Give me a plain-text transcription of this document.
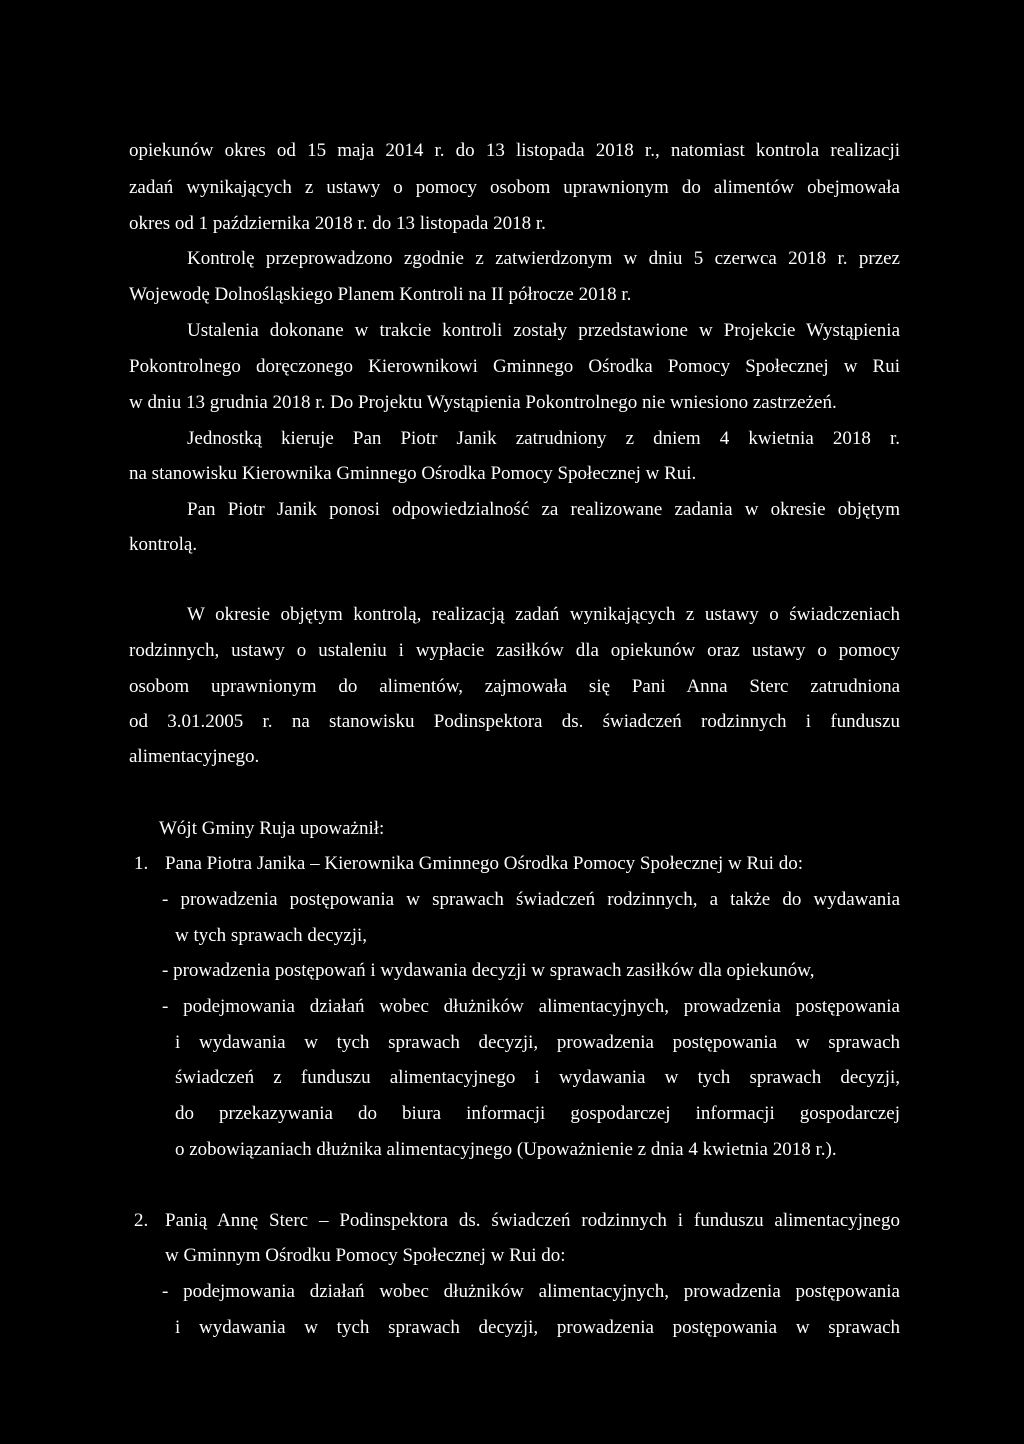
opiekunów okres od 15 maja 2014 r. do 13 listopada 2018 r., natomiast kontrola realizacji
zadań wynikających z ustawy o pomocy osobom uprawnionym do alimentów obejmowała
okres od 1 października 2018 r. do 13 listopada 2018 r.
Kontrolę przeprowadzono zgodnie z zatwierdzonym w dniu 5 czerwca 2018 r. przez
Wojewodę Dolnośląskiego Planem Kontroli na II półrocze 2018 r.
Ustalenia dokonane w trakcie kontroli zostały przedstawione w Projekcie Wystąpienia
Pokontrolnego doręczonego Kierownikowi Gminnego Ośrodka Pomocy Społecznej w Rui
w dniu 13 grudnia 2018 r. Do Projektu Wystąpienia Pokontrolnego nie wniesiono zastrzeżeń.
Jednostką kieruje Pan Piotr Janik zatrudniony z dniem 4 kwietnia 2018 r.
na stanowisku Kierownika Gminnego Ośrodka Pomocy Społecznej w Rui.
Pan Piotr Janik ponosi odpowiedzialność za realizowane zadania w okresie objętym
kontrolą.
W okresie objętym kontrolą, realizacją zadań wynikających z ustawy o świadczeniach
rodzinnych, ustawy o ustaleniu i wypłacie zasiłków dla opiekunów oraz ustawy o pomocy
osobom uprawnionym do alimentów, zajmowała się Pani Anna Sterc zatrudniona
od 3.01.2005 r. na stanowisku Podinspektora ds. świadczeń rodzinnych i funduszu
alimentacyjnego.
Wójt Gminy Ruja upoważnił:
1. Pana Piotra Janika – Kierownika Gminnego Ośrodka Pomocy Społecznej w Rui do:
- prowadzenia postępowania w sprawach świadczeń rodzinnych, a także do wydawania
w tych sprawach decyzji,
- prowadzenia postępowań i wydawania decyzji w sprawach zasiłków dla opiekunów,
- podejmowania działań wobec dłużników alimentacyjnych, prowadzenia postępowania
i wydawania w tych sprawach decyzji, prowadzenia postępowania w sprawach
świadczeń z funduszu alimentacyjnego i wydawania w tych sprawach decyzji,
do przekazywania do biura informacji gospodarczej informacji gospodarczej
o zobowiązaniach dłużnika alimentacyjnego (Upoważnienie z dnia 4 kwietnia 2018 r.).
2. Panią Annę Sterc – Podinspektora ds. świadczeń rodzinnych i funduszu alimentacyjnego
w Gminnym Ośrodku Pomocy Społecznej w Rui do:
- podejmowania działań wobec dłużników alimentacyjnych, prowadzenia postępowania
i wydawania w tych sprawach decyzji, prowadzenia postępowania w sprawach
